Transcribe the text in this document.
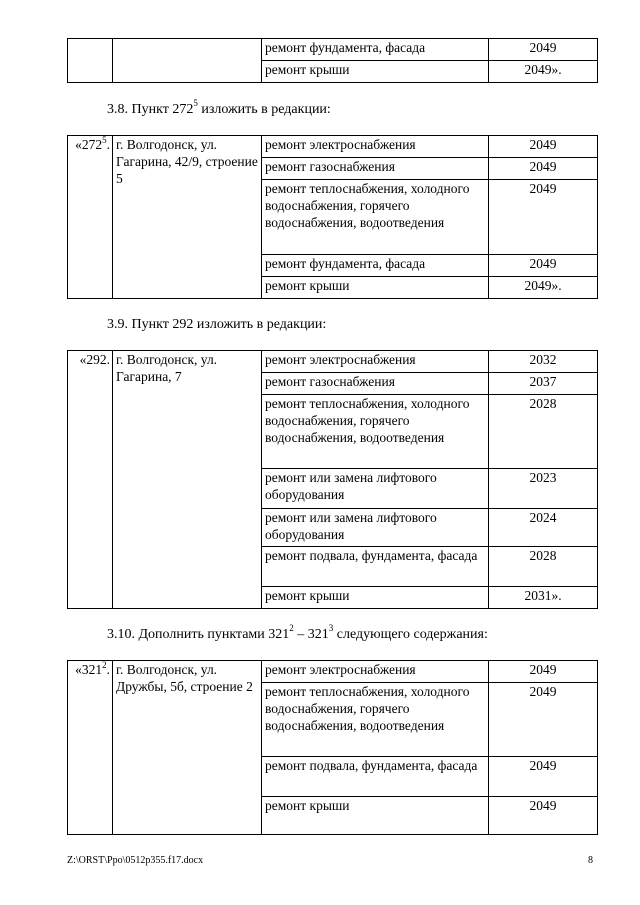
		ремонт фундамента, фасада	2049
		ремонт крыши	2049».
3.8. Пункт $272^5$ изложить в редакции:
«$272^5$.	г. Волгодонск, ул. Гагарина, 42/9, строение 5	ремонт электроснабжения	2049
		ремонт газоснабжения	2049
		ремонт теплоснабжения, холодного водоснабжения, горячего водоснабжения, водоотведения	2049
		ремонт фундамента, фасада	2049
		ремонт крыши	2049».
3.9. Пункт 292 изложить в редакции:
«292.	г. Волгодонск, ул. Гагарина, 7	ремонт электроснабжения	2032
		ремонт газоснабжения	2037
		ремонт теплоснабжения, холодного водоснабжения, горячего водоснабжения, водоотведения	2028
		ремонт или замена лифтового оборудования	2023
		ремонт или замена лифтового оборудования	2024
		ремонт подвала, фундамента, фасада	2028
		ремонт крыши	2031».
3.10. Дополнить пунктами $321^2 - 321^3$ следующего содержания:
«$321^2$.	г. Волгодонск, ул. Дружбы, 5б, строение 2	ремонт электроснабжения	2049
		ремонт теплоснабжения, холодного водоснабжения, горячего водоснабжения, водоотведения	2049
		ремонт подвала, фундамента, фасада	2049
		ремонт крыши	2049
Z:\ORST\Ppo\0512p355.f17.docx	8
